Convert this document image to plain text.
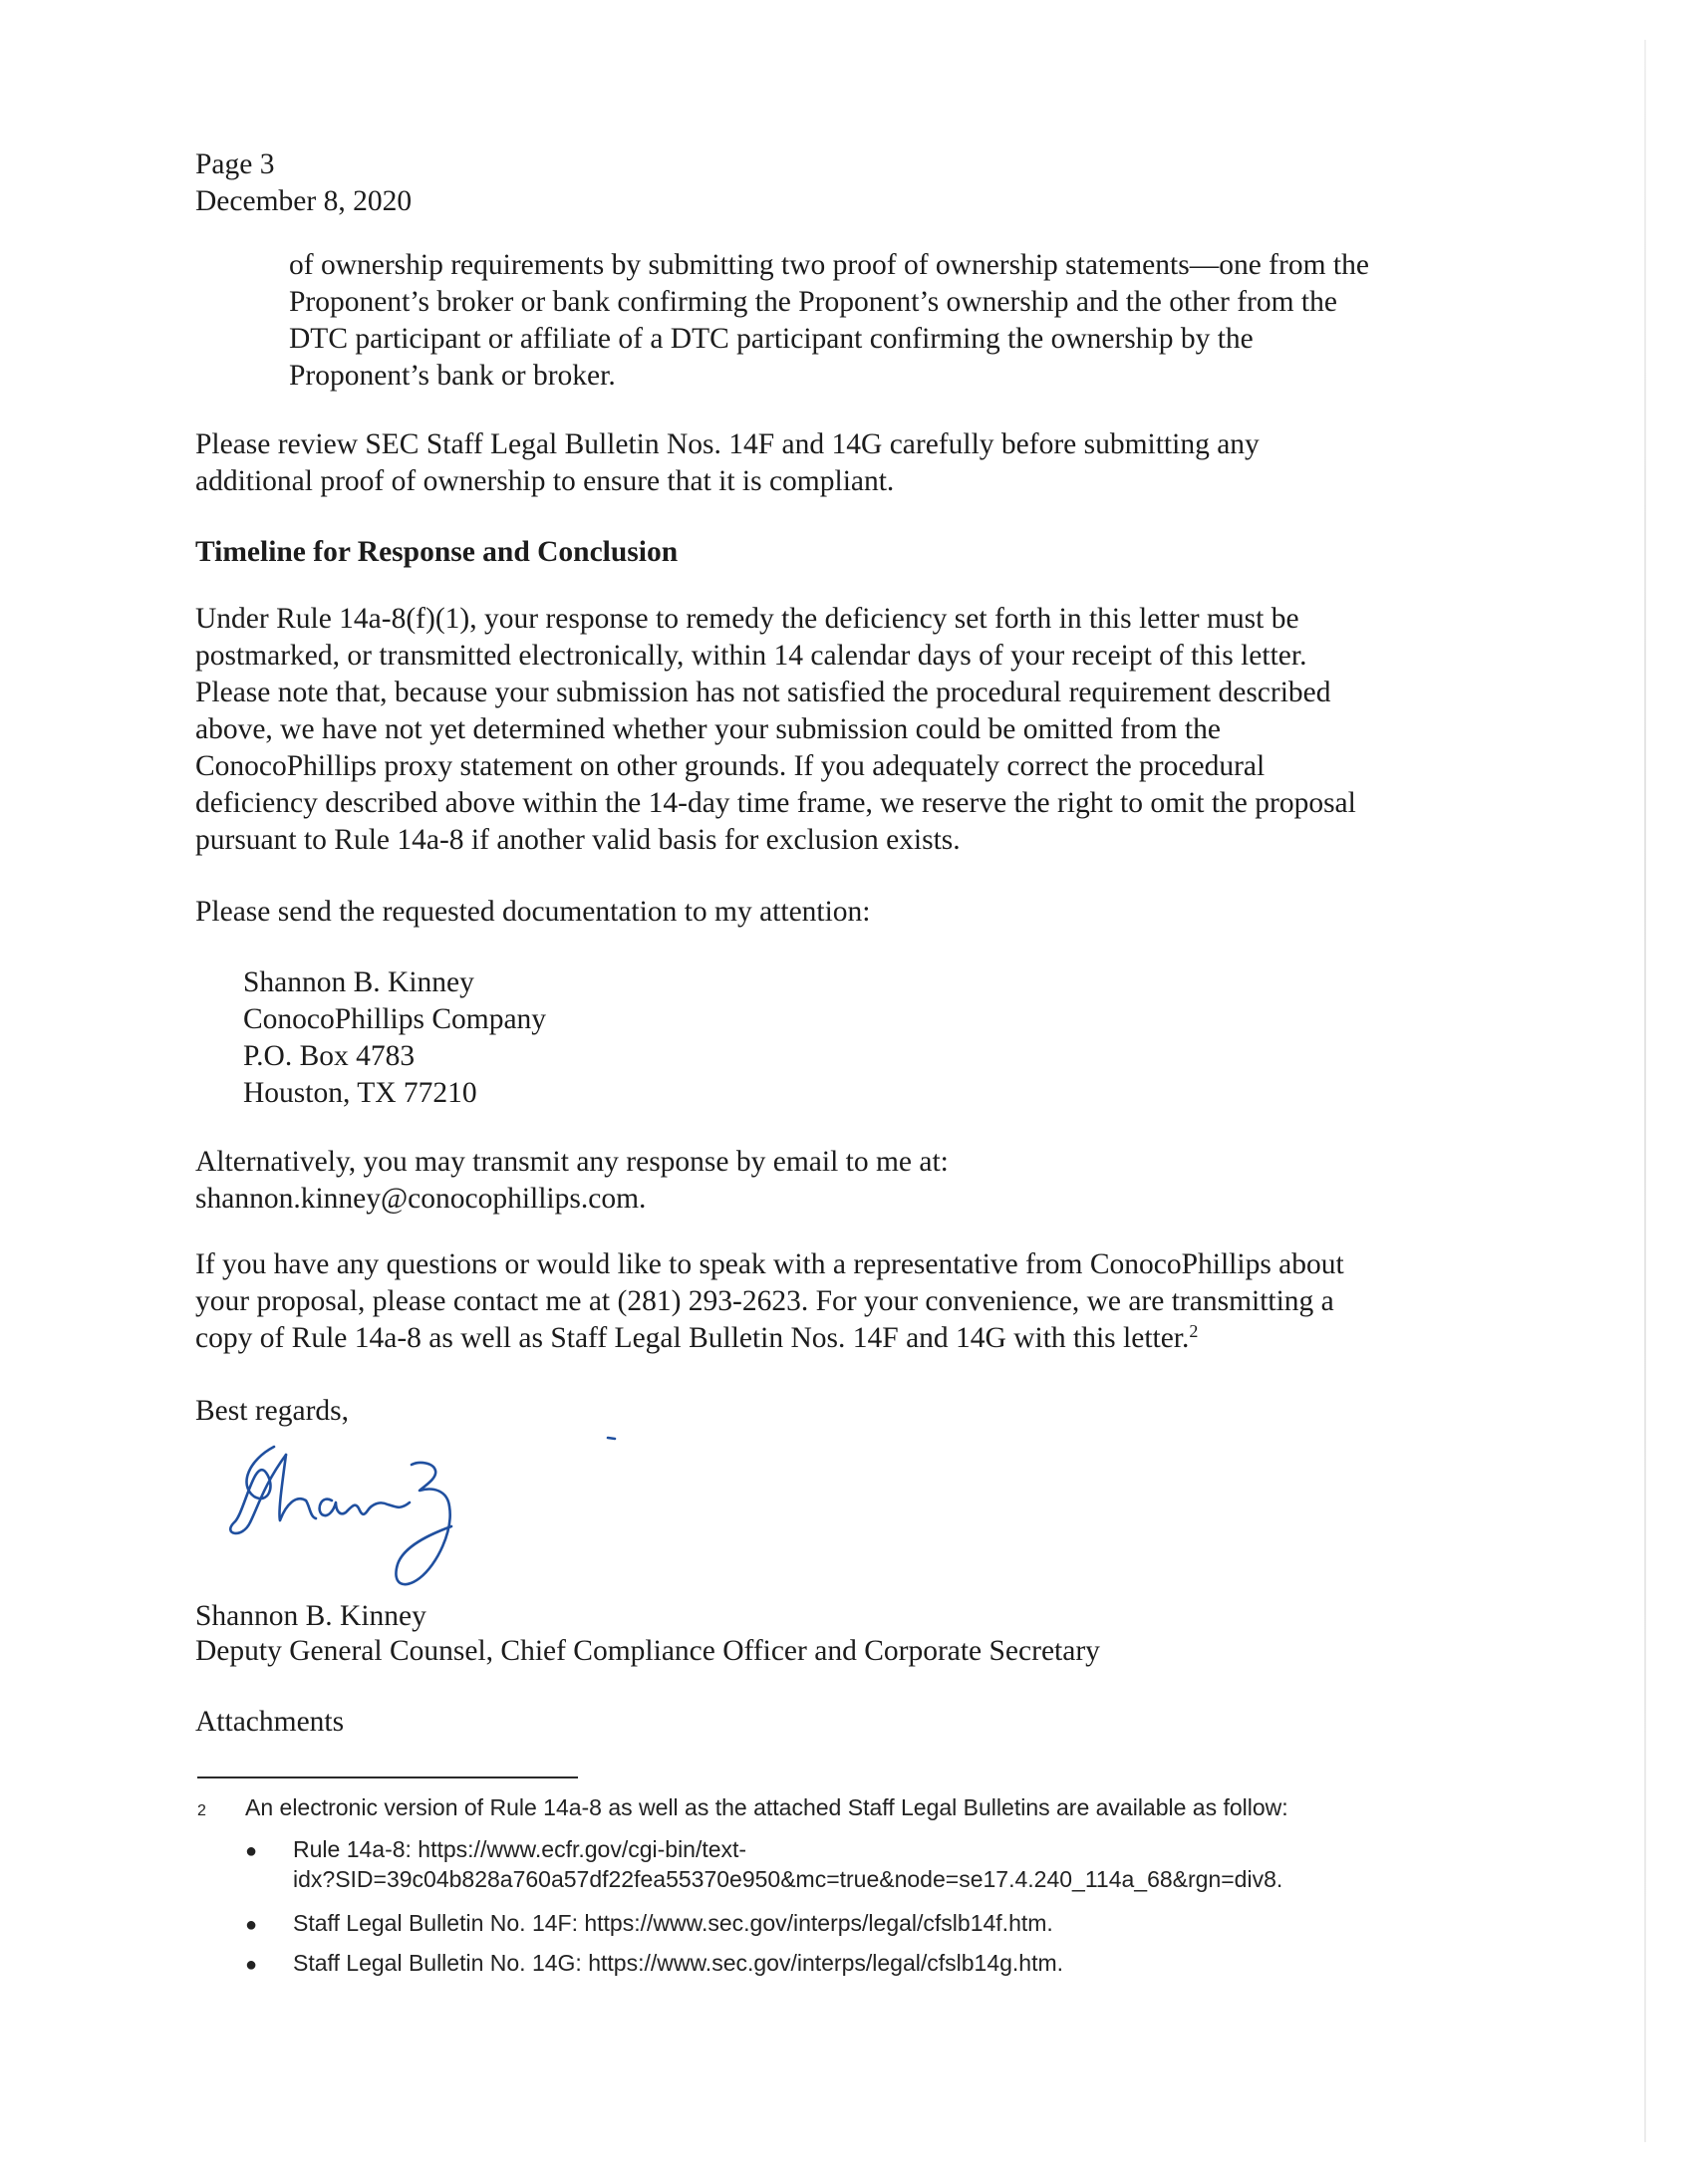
Page 3

December 8, 2020

of ownership requirements by submitting two proof of ownership statements—one from the

Proponent’s broker or bank confirming the Proponent’s ownership and the other from the

DTC participant or affiliate of a DTC participant confirming the ownership by the

Proponent’s bank or broker.

Please review SEC Staff Legal Bulletin Nos. 14F and 14G carefully before submitting any

additional proof of ownership to ensure that it is compliant.

Timeline for Response and Conclusion

Under Rule 14a-8(f)(1), your response to remedy the deficiency set forth in this letter must be

postmarked, or transmitted electronically, within 14 calendar days of your receipt of this letter.

Please note that, because your submission has not satisfied the procedural requirement described

above, we have not yet determined whether your submission could be omitted from the

ConocoPhillips proxy statement on other grounds. If you adequately correct the procedural

deficiency described above within the 14-day time frame, we reserve the right to omit the proposal

pursuant to Rule 14a-8 if another valid basis for exclusion exists.

Please send the requested documentation to my attention:

Shannon B. Kinney

ConocoPhillips Company

P.O. Box 4783

Houston, TX 77210

Alternatively, you may transmit any response by email to me at:

shannon.kinney@conocophillips.com.

If you have any questions or would like to speak with a representative from ConocoPhillips about

your proposal, please contact me at (281) 293-2623. For your convenience, we are transmitting a

copy of Rule 14a-8 as well as Staff Legal Bulletin Nos. 14F and 14G with this letter.$^2$

Best regards,

Shannon B. Kinney

Deputy General Counsel, Chief Compliance Officer and Corporate Secretary

Attachments

2 An electronic version of Rule 14a-8 as well as the attached Staff Legal Bulletins are available as follow:

●	Rule 14a-8: https://www.ecfr.gov/cgi-bin/text-

idx?SID=39c04b828a760a57df22fea55370e950&mc=true&node=se17.4.240_114a_68&rgn=div8.

●	Staff Legal Bulletin No. 14F: https://www.sec.gov/interps/legal/cfslb14f.htm.

●	Staff Legal Bulletin No. 14G: https://www.sec.gov/interps/legal/cfslb14g.htm.
